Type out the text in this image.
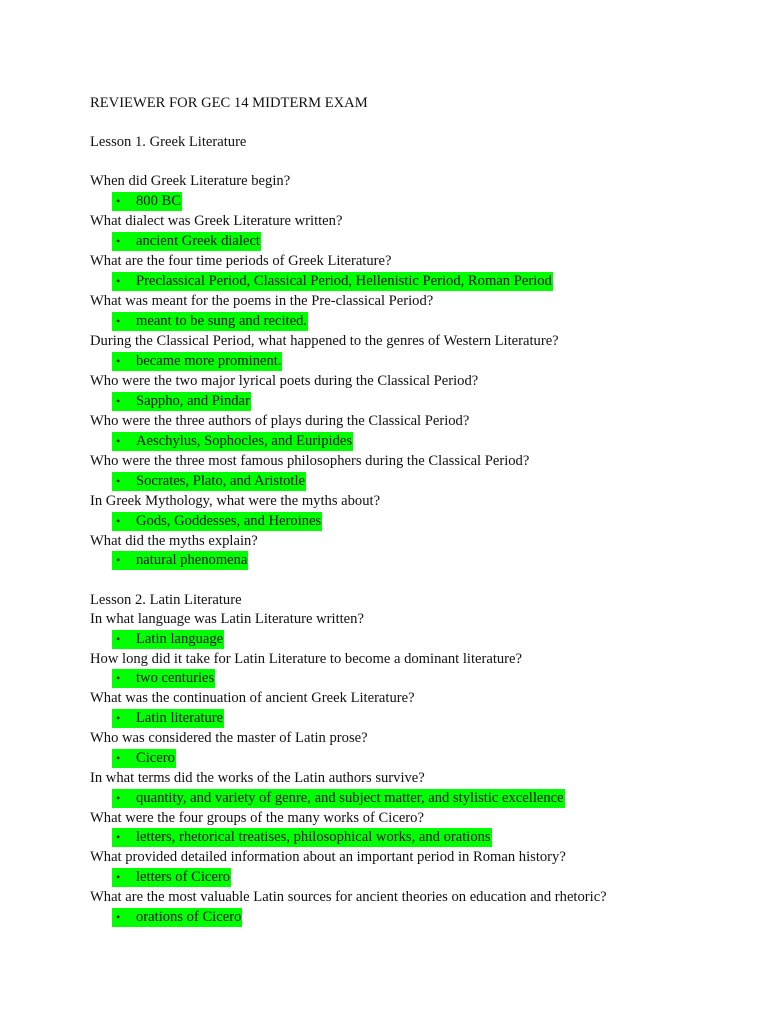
REVIEWER FOR GEC 14 MIDTERM EXAM
Lesson 1. Greek Literature
When did Greek Literature begin?
• 800 BC
What dialect was Greek Literature written?
• ancient Greek dialect
What are the four time periods of Greek Literature?
• Preclassical Period, Classical Period, Hellenistic Period, Roman Period
What was meant for the poems in the Pre-classical Period?
• meant to be sung and recited.
During the Classical Period, what happened to the genres of Western Literature?
• became more prominent.
Who were the two major lyrical poets during the Classical Period?
• Sappho, and Pindar
Who were the three authors of plays during the Classical Period?
• Aeschylus, Sophocles, and Euripides
Who were the three most famous philosophers during the Classical Period?
• Socrates, Plato, and Aristotle
In Greek Mythology, what were the myths about?
• Gods, Goddesses, and Heroines
What did the myths explain?
• natural phenomena
Lesson 2. Latin Literature
In what language was Latin Literature written?
• Latin language
How long did it take for Latin Literature to become a dominant literature?
• two centuries
What was the continuation of ancient Greek Literature?
• Latin literature
Who was considered the master of Latin prose?
• Cicero
In what terms did the works of the Latin authors survive?
• quantity, and variety of genre, and subject matter, and stylistic excellence
What were the four groups of the many works of Cicero?
• letters, rhetorical treatises, philosophical works, and orations
What provided detailed information about an important period in Roman history?
• letters of Cicero
What are the most valuable Latin sources for ancient theories on education and rhetoric?
• orations of Cicero
